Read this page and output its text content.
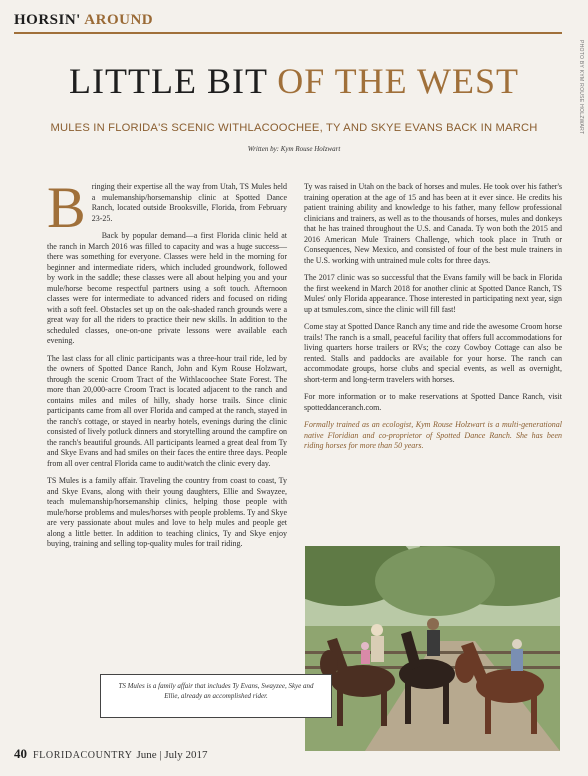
HORSIN' AROUND
PHOTO BY KYM ROUSE HOLZWART
LITTLE BIT OF THE WEST
MULES IN FLORIDA'S SCENIC WITHLACOOCHEE, TY AND SKYE EVANS BACK IN MARCH
Written by: Kym Rouse Holzwart

Bringing their expertise all the way from Utah, TS Mules held a mulemanship/horsemanship clinic at Spotted Dance Ranch, located outside Brooksville, Florida, from February 23-25.

Back by popular demand—a first Florida clinic held at the ranch in March 2016 was filled to capacity and was a huge success—there was something for everyone. Classes were held in the morning for beginner and intermediate riders, which included groundwork, followed by work in the saddle; these classes were all about helping you and your mule/horse become respectful partners using a soft touch. Afternoon classes were for intermediate to advanced riders and focused on riding with a soft feel. Obstacles set up on the oak-shaded ranch grounds were a great way for all the riders to practice their new skills. In addition to the scheduled classes, one-on-one private lessons were available each evening.

The last class for all clinic participants was a three-hour trail ride, led by the owners of Spotted Dance Ranch, John and Kym Rouse Holzwart, through the scenic Croom Tract of the Withlacoochee State Forest. The more than 20,000-acre Croom Tract is located adjacent to the ranch and contains miles and miles of hilly, shady horse trails. Since clinic participants came from all over Florida and camped at the ranch, stayed in the ranch's cottage, or stayed in nearby hotels, evenings during the clinic consisted of lively potluck dinners and storytelling around the campfire on the ranch's beautiful grounds. All participants learned a great deal from Ty and Skye Evans and had smiles on their faces the entire three days. People from all over central Florida came to audit/watch the clinic every day.

TS Mules is a family affair. Traveling the country from coast to coast, Ty and Skye Evans, along with their young daughters, Ellie and Swayzee, teach mulemanship/horsemanship clinics, helping those people with mule/horse problems and mules/horses with people problems. Ty and Skye are very passionate about mules and love to help mules and people get along a little better. In addition to teaching clinics, Ty and Skye enjoy buying, training and selling top-quality mules for trail riding.

Ty was raised in Utah on the back of horses and mules. He took over his father's training operation at the age of 15 and has been at it ever since. He credits his patient training ability and knowledge to his father, many fellow professional clinicians and trainers, as well as to the thousands of horses, mules and donkeys that he has trained throughout the U.S. and Canada. Ty won both the 2015 and 2016 American Mule Trainers Challenge, which took place in Truth or Consequences, New Mexico, and consisted of four of the best mule trainers in the U.S. working with untrained mule colts for three days.

The 2017 clinic was so successful that the Evans family will be back in Florida the first weekend in March 2018 for another clinic at Spotted Dance Ranch, TS Mules' only Florida appearance. Those interested in participating next year, sign up at tsmules.com, since the clinic will fill fast!

Come stay at Spotted Dance Ranch any time and ride the awesome Croom horse trails! The ranch is a small, peaceful facility that offers full accommodations for living quarters horse trailers or RVs; the cozy Cowboy Cottage can also be rented. Stalls and paddocks are available for your horse. The ranch can accommodate groups, horse clubs and special events, as well as overnight, short-term and long-term travelers with horses.

For more information or to make reservations at Spotted Dance Ranch, visit spotteddanceranch.com.

Formally trained as an ecologist, Kym Rouse Holzwart is a multi-generational native Floridian and co-proprietor of Spotted Dance Ranch. She has been riding horses for more than 50 years.

TS Mules is a family affair that includes Ty Evans, Swayzee, Skye and Ellie, already an accomplished rider.
40 FLORIDACOUNTRY June | July 2017
